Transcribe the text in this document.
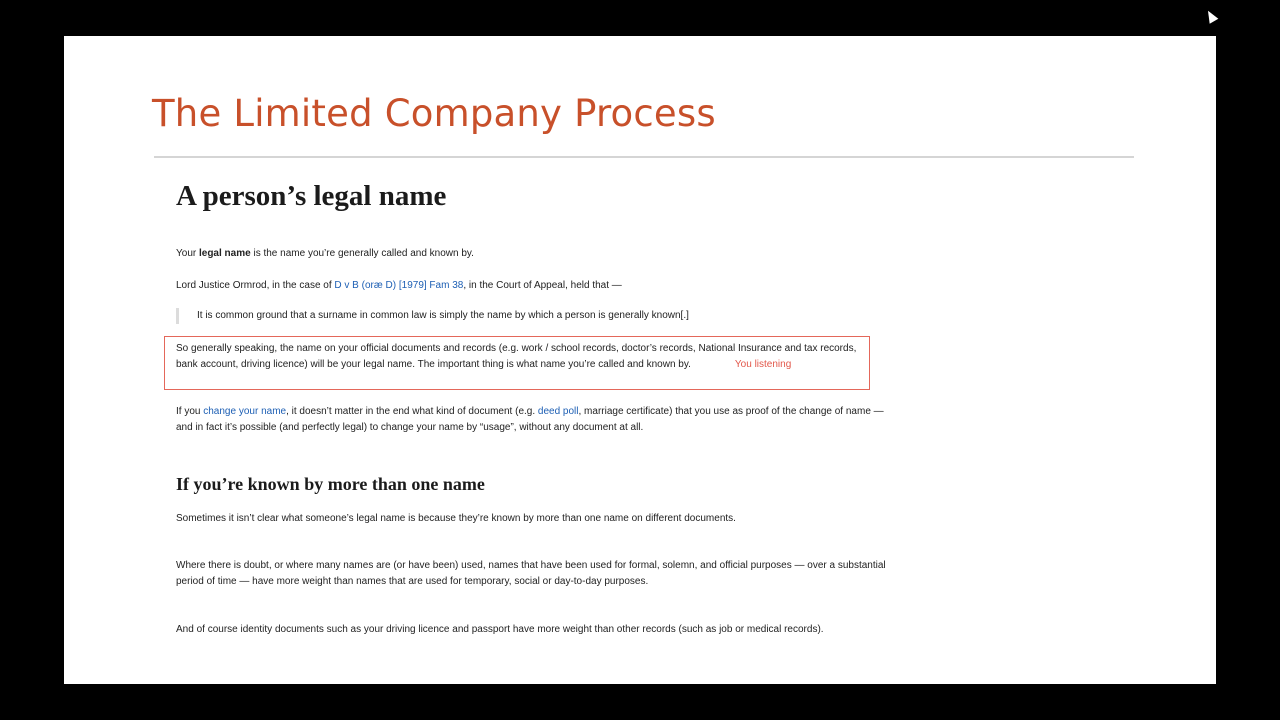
The Limited Company Process
A person’s legal name

Your legal name is the name you’re generally called and known by.

Lord Justice Ormrod, in the case of D v B (oræ D) [1979] Fam 38, in the Court of Appeal, held that —

It is common ground that a surname in common law is simply the name by which a person is generally known[.]

So generally speaking, the name on your official documents and records (e.g. work / school records, doctor’s records, National Insurance and tax records, bank account, driving licence) will be your legal name. The important thing is what name you’re called and known by.	You listening

If you change your name, it doesn’t matter in the end what kind of document (e.g. deed poll, marriage certificate) that you use as proof of the change of name — and in fact it’s possible (and perfectly legal) to change your name by “usage”, without any document at all.

If you’re known by more than one name

Sometimes it isn’t clear what someone’s legal name is because they’re known by more than one name on different documents.

Where there is doubt, or where many names are (or have been) used, names that have been used for formal, solemn, and official purposes — over a substantial period of time — have more weight than names that are used for temporary, social or day-to-day purposes.

And of course identity documents such as your driving licence and passport have more weight than other records (such as job or medical records).
